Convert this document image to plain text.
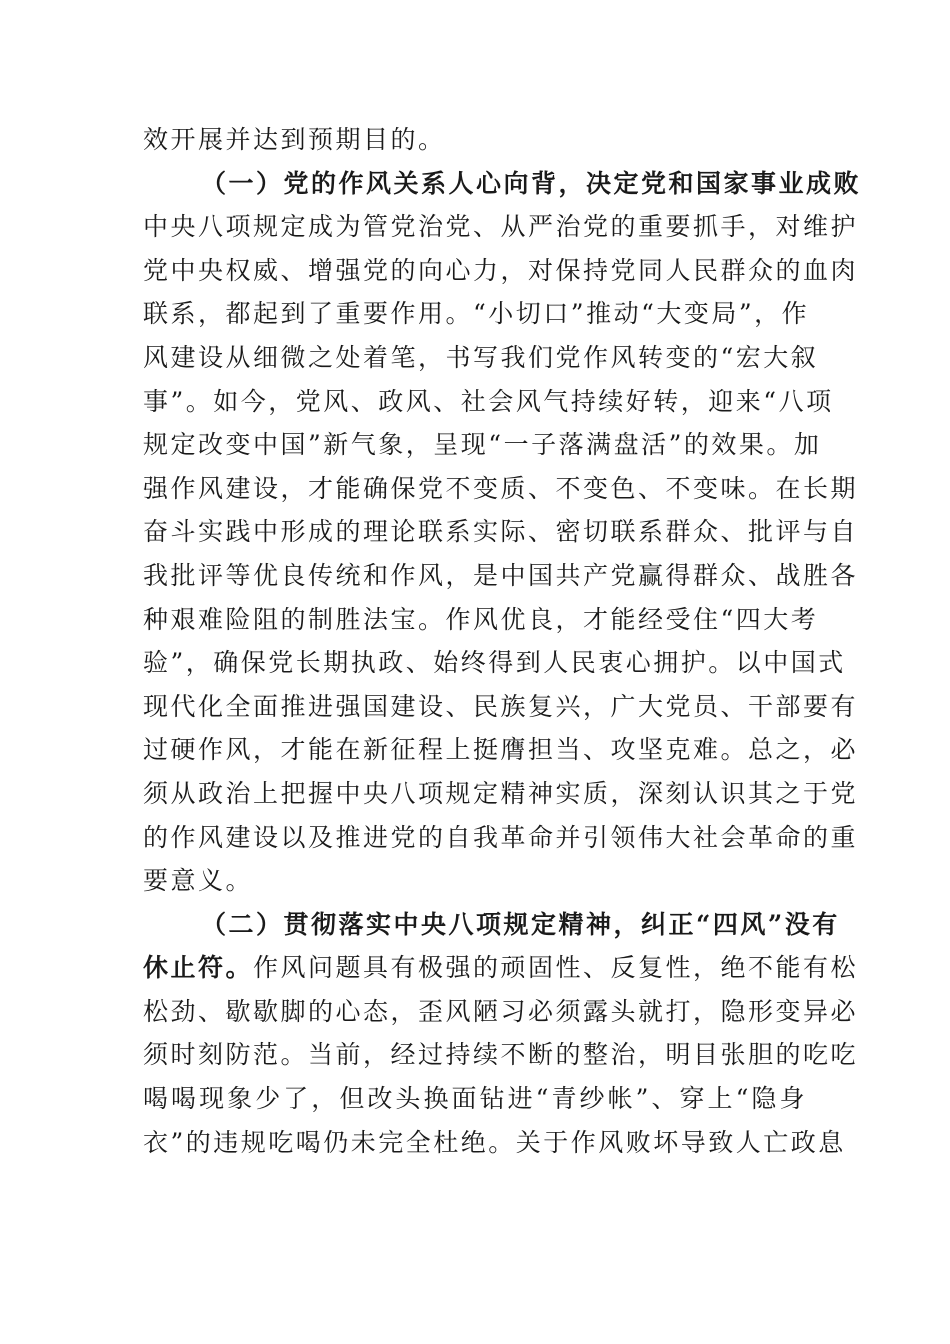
效开展并达到预期目的。
（一）党的作风关系人心向背，决定党和国家事业成败
中央八项规定成为管党治党、从严治党的重要抓手，对维护
党中央权威、增强党的向心力，对保持党同人民群众的血肉
联系，都起到了重要作用。“小切口”推动“大变局”，作
风建设从细微之处着笔，书写我们党作风转变的“宏大叙
事”。如今，党风、政风、社会风气持续好转，迎来“八项
规定改变中国”新气象，呈现“一子落满盘活”的效果。加
强作风建设，才能确保党不变质、不变色、不变味。在长期
奋斗实践中形成的理论联系实际、密切联系群众、批评与自
我批评等优良传统和作风，是中国共产党赢得群众、战胜各
种艰难险阻的制胜法宝。作风优良，才能经受住“四大考
验”，确保党长期执政、始终得到人民衷心拥护。以中国式
现代化全面推进强国建设、民族复兴，广大党员、干部要有
过硬作风，才能在新征程上挺膺担当、攻坚克难。总之，必
须从政治上把握中央八项规定精神实质，深刻认识其之于党
的作风建设以及推进党的自我革命并引领伟大社会革命的重
要意义。
（二）贯彻落实中央八项规定精神，纠正“四风”没有
休止符。作风问题具有极强的顽固性、反复性，绝不能有松
松劲、歇歇脚的心态，歪风陋习必须露头就打，隐形变异必
须时刻防范。当前，经过持续不断的整治，明目张胆的吃吃
喝喝现象少了，但改头换面钻进“青纱帐”、穿上“隐身
衣”的违规吃喝仍未完全杜绝。关于作风败坏导致人亡政息
